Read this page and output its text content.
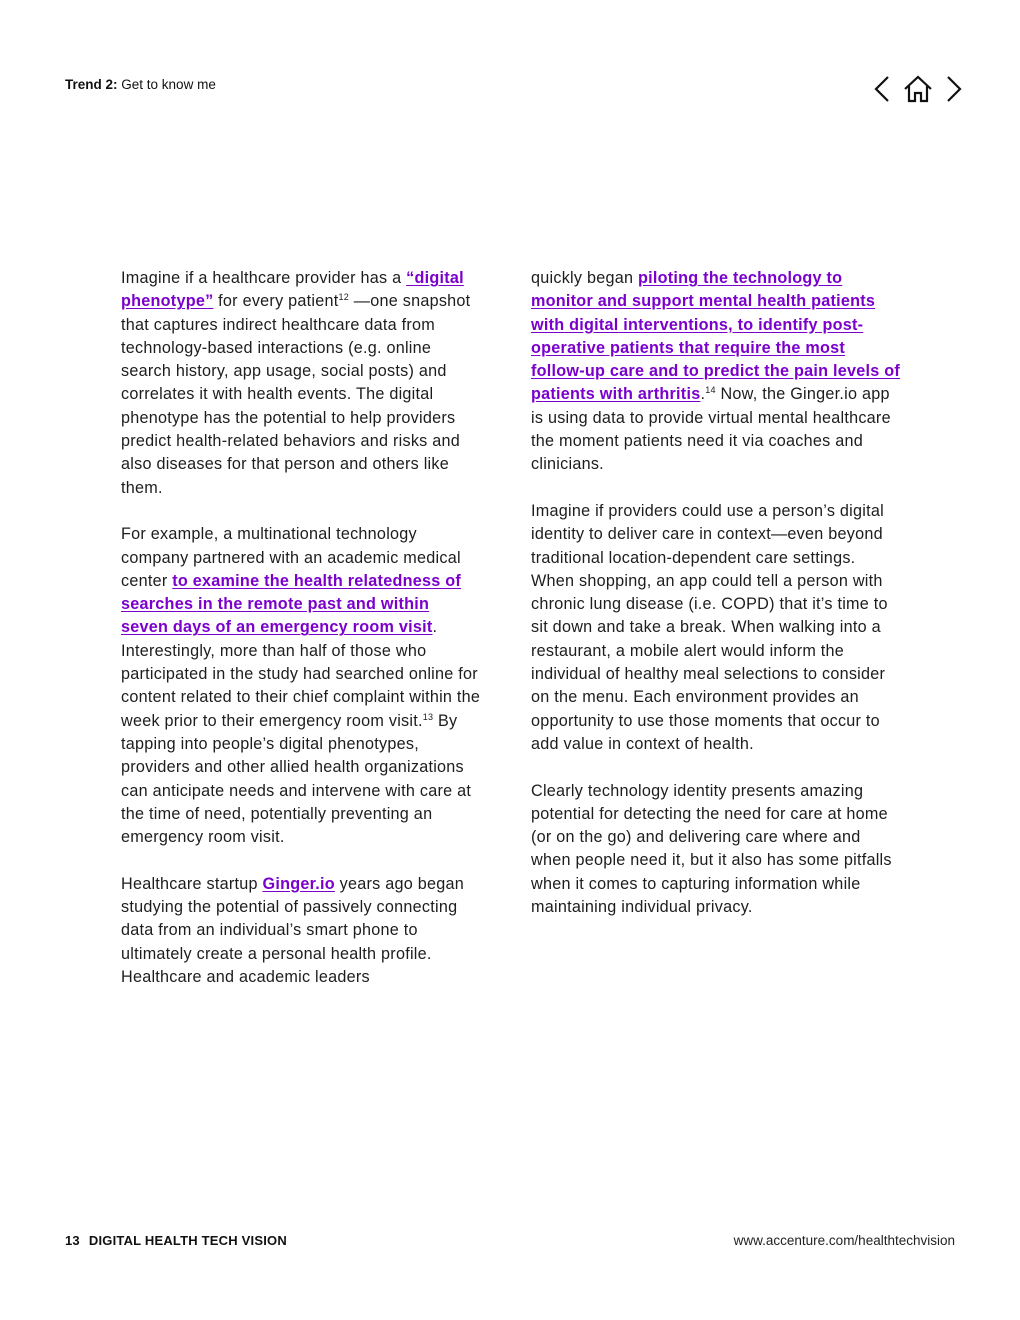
Trend 2: Get to know me

Imagine if a healthcare provider has a “digital phenotype” for every patient$^{12}$ —one snapshot that captures indirect healthcare data from technology-based interactions (e.g. online search history, app usage, social posts) and correlates it with health events. The digital phenotype has the potential to help providers predict health-related behaviors and risks and also diseases for that person and others like them.

For example, a multinational technology company partnered with an academic medical center to examine the health relatedness of searches in the remote past and within seven days of an emergency room visit. Interestingly, more than half of those who participated in the study had searched online for content related to their chief complaint within the week prior to their emergency room visit.$^{13}$ By tapping into people’s digital phenotypes, providers and other allied health organizations can anticipate needs and intervene with care at the time of need, potentially preventing an emergency room visit.

Healthcare startup Ginger.io years ago began studying the potential of passively connecting data from an individual’s smart phone to ultimately create a personal health profile. Healthcare and academic leaders

quickly began piloting the technology to monitor and support mental health patients with digital interventions, to identify post-operative patients that require the most follow-up care and to predict the pain levels of patients with arthritis.$^{14}$ Now, the Ginger.io app is using data to provide virtual mental healthcare the moment patients need it via coaches and clinicians.

Imagine if providers could use a person’s digital identity to deliver care in context—even beyond traditional location-dependent care settings. When shopping, an app could tell a person with chronic lung disease (i.e. COPD) that it’s time to sit down and take a break. When walking into a restaurant, a mobile alert would inform the individual of healthy meal selections to consider on the menu. Each environment provides an opportunity to use those moments that occur to add value in context of health.

Clearly technology identity presents amazing potential for detecting the need for care at home (or on the go) and delivering care where and when people need it, but it also has some pitfalls when it comes to capturing information while maintaining individual privacy.

13 DIGITAL HEALTH TECH VISION	www.accenture.com/healthtechvision
